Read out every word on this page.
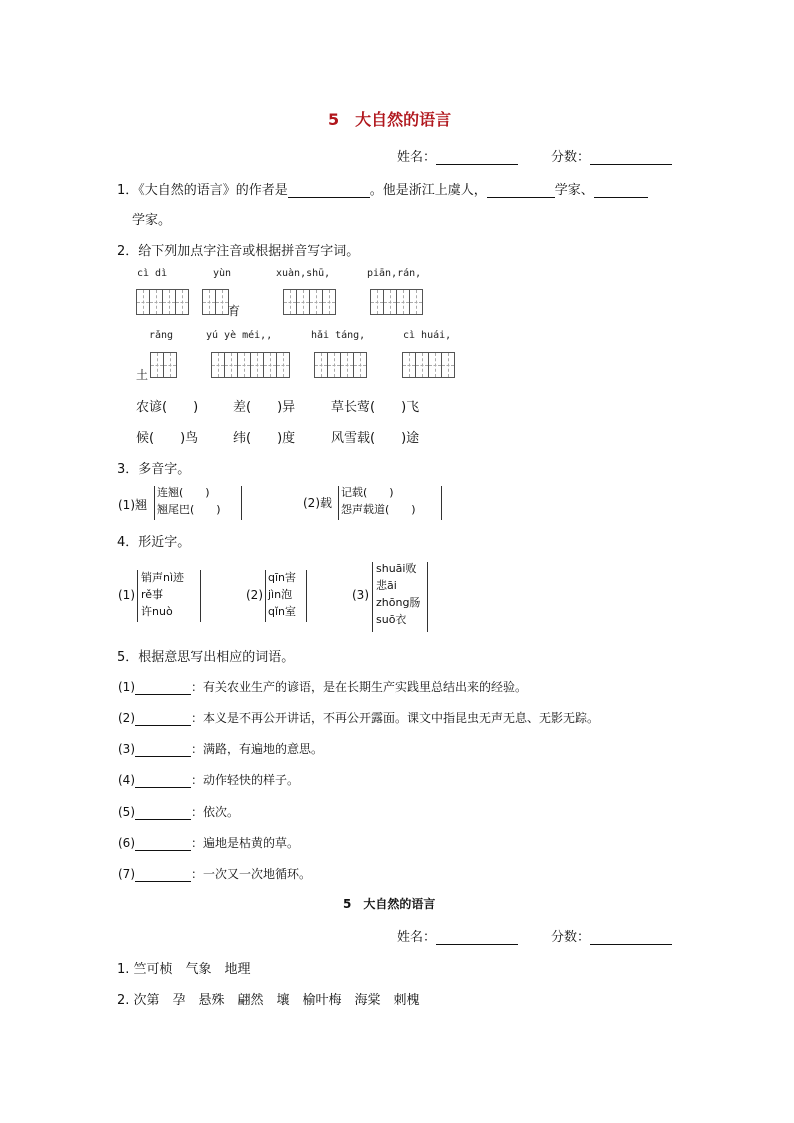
5　大自然的语言
姓名：	分数：
1．《大自然的语言》的作者是	。他是浙江上虞人，	学家、
学家。
2．给下列加点字注音或根据拼音写字词。
cì dì	yùn	xuàn,shū,	piān,rán,
育
rǎng	yú yè méi,,	hǎi táng,	cì huái,
土
农谚(　　)	差(　　)异	草长莺(　　)飞
候(　　)鸟	纬(　　)度	风雪载(　　)途
3．多音字。
(1)翘
连翘(　　)
翘尾巴(　　)	(2)载
记载(　　)
怨声载道(　　)
4．形近字。
(1)
销声nì迹
rě事
许nuò
(2)
qīn害
jìn泡
qǐn室
(3)
shuāi败
悲āi
zhōng肠
suō衣
5．根据意思写出相应的词语。
(1)	：有关农业生产的谚语，是在长期生产实践里总结出来的经验。
(2)	：本义是不再公开讲话，不再公开露面。课文中指昆虫无声无息、无影无踪。
(3)	：满路，有遍地的意思。
(4)	：动作轻快的样子。
(5)	：依次。
(6)	：遍地是枯黄的草。
(7)	：一次又一次地循环。
5　大自然的语言
姓名：	分数：
1. 竺可桢　气象　地理
2. 次第　孕　悬殊　翩然　壤　榆叶梅　海棠　刺槐
